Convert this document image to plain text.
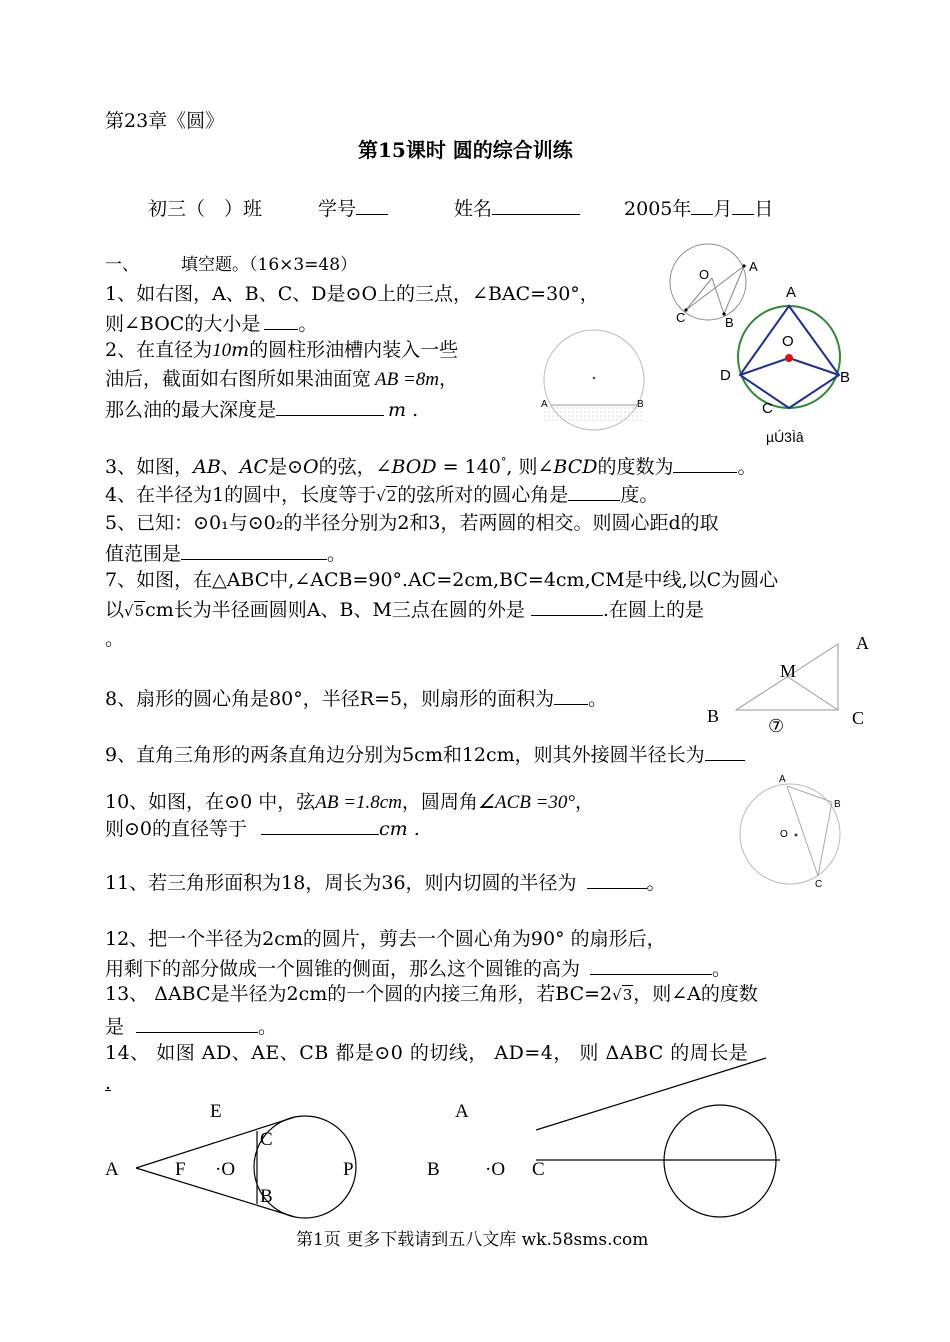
第23章《圆》
第15课时 圆的综合训练
初三（　）班	学号	姓名	2005年 月 日
一、 填空题。（16×3=48）
1、如右图，A、B、C、D是⊙O上的三点，∠BAC=30°，
则∠BOC的大小是 。
2、在直径为10m的圆柱形油槽内装入一些
油后，截面如右图所如果油面宽 AB =8m，
那么油的最大深度是	m .
3、如图，AB、AC是⊙O的弦，∠BOD = 140°, 则∠BCD的度数为	。
4、在半径为1的圆中，长度等于√2的弦所对的圆心角是	度。
5、已知：⊙0₁与⊙0₂的半径分别为2和3，若两圆的相交。则圆心距d的取
值范围是	。
7、如图，在△ABC中,∠ACB=90°.AC=2cm,BC=4cm,CM是中线,以C为圆心
以√5cm长为半径画圆则A、B、M三点在圆的外是	.在圆上的是
。
8、扇形的圆心角是80°，半径R=5，则扇形的面积为 。
9、直角三角形的两条直角边分别为5cm和12cm，则其外接圆半径长为
10、如图，在⊙0 中，弦AB =1.8cm，圆周角∠ACB =30°，
则⊙0的直径等于	cm .
11、若三角形面积为18，周长为36，则内切圆的半径为	。
12、把一个半径为2cm的圆片，剪去一个圆心角为90° 的扇形后，
用剩下的部分做成一个圆锥的侧面，那么这个圆锥的高为	。
13、 ΔABC是半径为2cm的一个圆的内接三角形，若BC=2√3，则∠A的度数
是	。
14、 如图 AD、AE、CB 都是⊙0 的切线， AD=4， 则 ΔABC 的周长是
.
O
A
C	B
A
O
D	B
C
µÚ3Ìâ
A	B
A
M
B	C
⑦
A
B
O
C
E
C
A	F ·O	P
B
A
B ·O C
第1页 更多下载请到五八文库 wk.58sms.com
